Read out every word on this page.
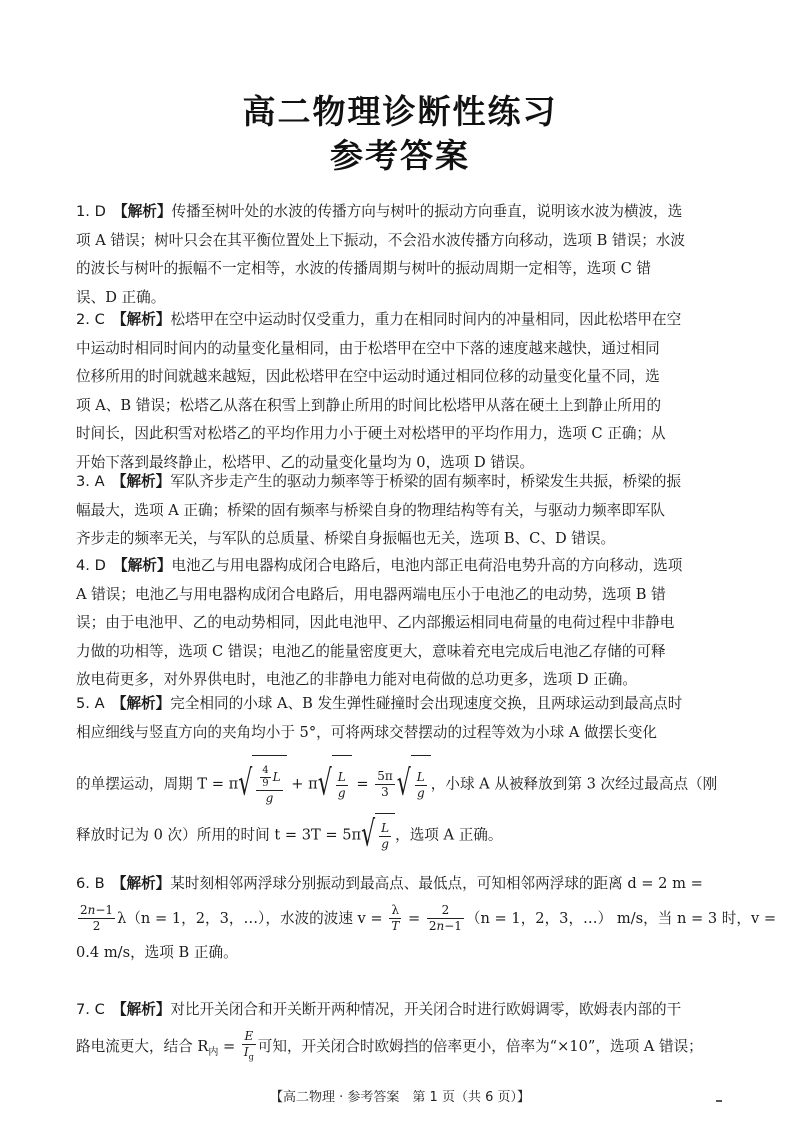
高二物理诊断性练习
参考答案
1. D　 【解析】传播至树叶处的水波的传播方向与树叶的振动方向垂直，说明该水波为横波，选
项 A 错误；树叶只会在其平衡位置处上下振动，不会沿水波传播方向移动，选项 B 错误；水波
的波长与树叶的振幅不一定相等，水波的传播周期与树叶的振动周期一定相等，选项 C 错
误、D 正确。
2. C　 【解析】松塔甲在空中运动时仅受重力，重力在相同时间内的冲量相同，因此松塔甲在空
中运动时相同时间内的动量变化量相同，由于松塔甲在空中下落的速度越来越快，通过相同
位移所用的时间就越来越短，因此松塔甲在空中运动时通过相同位移的动量变化量不同，选
项 A、B 错误；松塔乙从落在积雪上到静止所用的时间比松塔甲从落在硬土上到静止所用的
时间长，因此积雪对松塔乙的平均作用力小于硬土对松塔甲的平均作用力，选项 C 正确；从
开始下落到最终静止，松塔甲、乙的动量变化量均为 0，选项 D 错误。
3. A　 【解析】军队齐步走产生的驱动力频率等于桥梁的固有频率时，桥梁发生共振，桥梁的振
幅最大，选项 A 正确；桥梁的固有频率与桥梁自身的物理结构等有关，与驱动力频率即军队
齐步走的频率无关，与军队的总质量、桥梁自身振幅也无关，选项 B、C、D 错误。
4. D　 【解析】电池乙与用电器构成闭合电路后，电池内部正电荷沿电势升高的方向移动，选项
A 错误；电池乙与用电器构成闭合电路后，用电器两端电压小于电池乙的电动势，选项 B 错
误；由于电池甲、乙的电动势相同，因此电池甲、乙内部搬运相同电荷量的电荷过程中非静电
力做的功相等，选项 C 错误；电池乙的能量密度更大，意味着充电完成后电池乙存储的可释
放电荷更多，对外界供电时，电池乙的非静电力能对电荷做的总功更多，选项 D 正确。
5. A　 【解析】完全相同的小球 A、B 发生弹性碰撞时会出现速度交换，且两球运动到最高点时
相应细线与竖直方向的夹角均小于 5°，可将两球交替摆动的过程等效为小球 A 做摆长变化
的单摆运动，周期 $T = \pi√ \frac{\frac{4}{9} L}{g} + \pi√ \frac{L}{g} = \frac{5\pi}{3}$ √ $\frac{L}{g}$ ，小球 A 从被释放到第 3 次经过最高点（刚
释放时记为 0 次）所用的时间 $t = 3T = 5\pi√ \frac{L}{g}$ ，选项 A 正确。
6. B　 【解析】某时刻相邻两浮球分别振动到最高点、最低点，可知相邻两浮球的距离 d = 2 m =
$\frac{2n-1}{2} \lambda(n = 1$，2，3，…），水波的波速 $v = \frac{\lambda}{T} = \frac{2}{2n-1} (n = 1$，2，3，…） m/s，当 n = 3 时，v =
0.4 m/s，选项 B 正确。
7. C　 【解析】对比开关闭合和开关断开两种情况，开关闭合时进行欧姆调零，欧姆表内部的干
路电流更大，结合 $R_内 = \frac{E}{I_g}$ 可知，开关闭合时欧姆挡的倍率更小，倍率为“×10”，选项 A 错误；
【高二物理 · 参考答案　第 1 页（共 6 页）】
